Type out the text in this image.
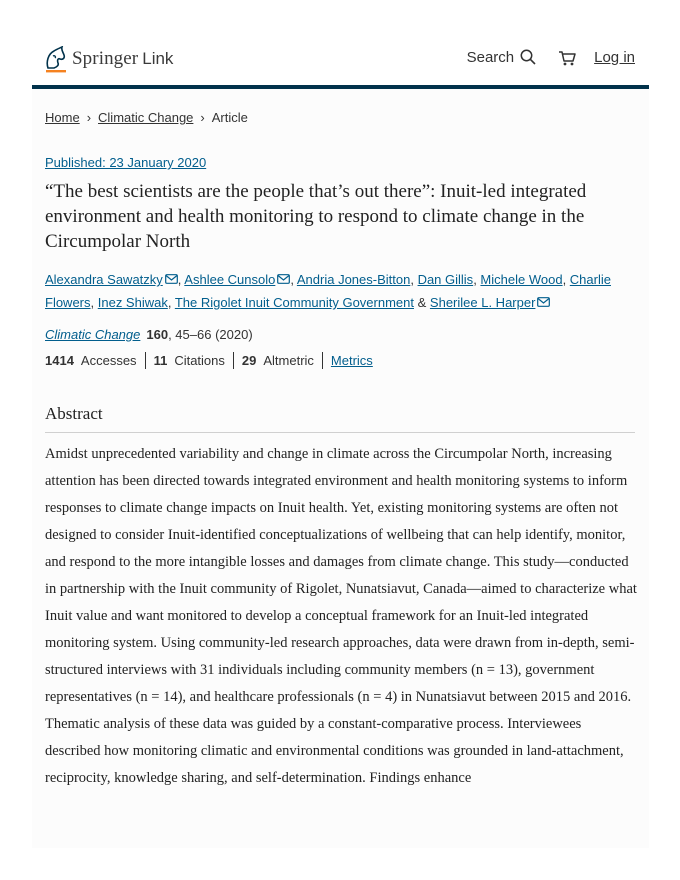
Springer Link	Search	Log in
Home › Climatic Change › Article
Published: 23 January 2020
“The best scientists are the people that’s out there”: Inuit-led integrated environment and health monitoring to respond to climate change in the Circumpolar North
Alexandra Sawatzky , Ashlee Cunsolo , Andria Jones-Bitton, Dan Gillis, Michele Wood, Charlie Flowers, Inez Shiwak, The Rigolet Inuit Community Government & Sherilee L. Harper
Climatic Change 160, 45–66 (2020)
1414 Accesses 11 Citations 29 Altmetric Metrics
Abstract

Amidst unprecedented variability and change in climate across the Circumpolar North, increasing attention has been directed towards integrated environment and health monitoring systems to inform responses to climate change impacts on Inuit health. Yet, existing monitoring systems are often not designed to consider Inuit-identified conceptualizations of wellbeing that can help identify, monitor, and respond to the more intangible losses and damages from climate change. This study—conducted in partnership with the Inuit community of Rigolet, Nunatsiavut, Canada—aimed to characterize what Inuit value and want monitored to develop a conceptual framework for an Inuit-led integrated monitoring system. Using community-led research approaches, data were drawn from in-depth, semi-structured interviews with 31 individuals including community members (n = 13), government representatives (n = 14), and healthcare professionals (n = 4) in Nunatsiavut between 2015 and 2016. Thematic analysis of these data was guided by a constant-comparative process. Interviewees described how monitoring climatic and environmental conditions was grounded in land-attachment, reciprocity, knowledge sharing, and self-determination. Findings enhance
